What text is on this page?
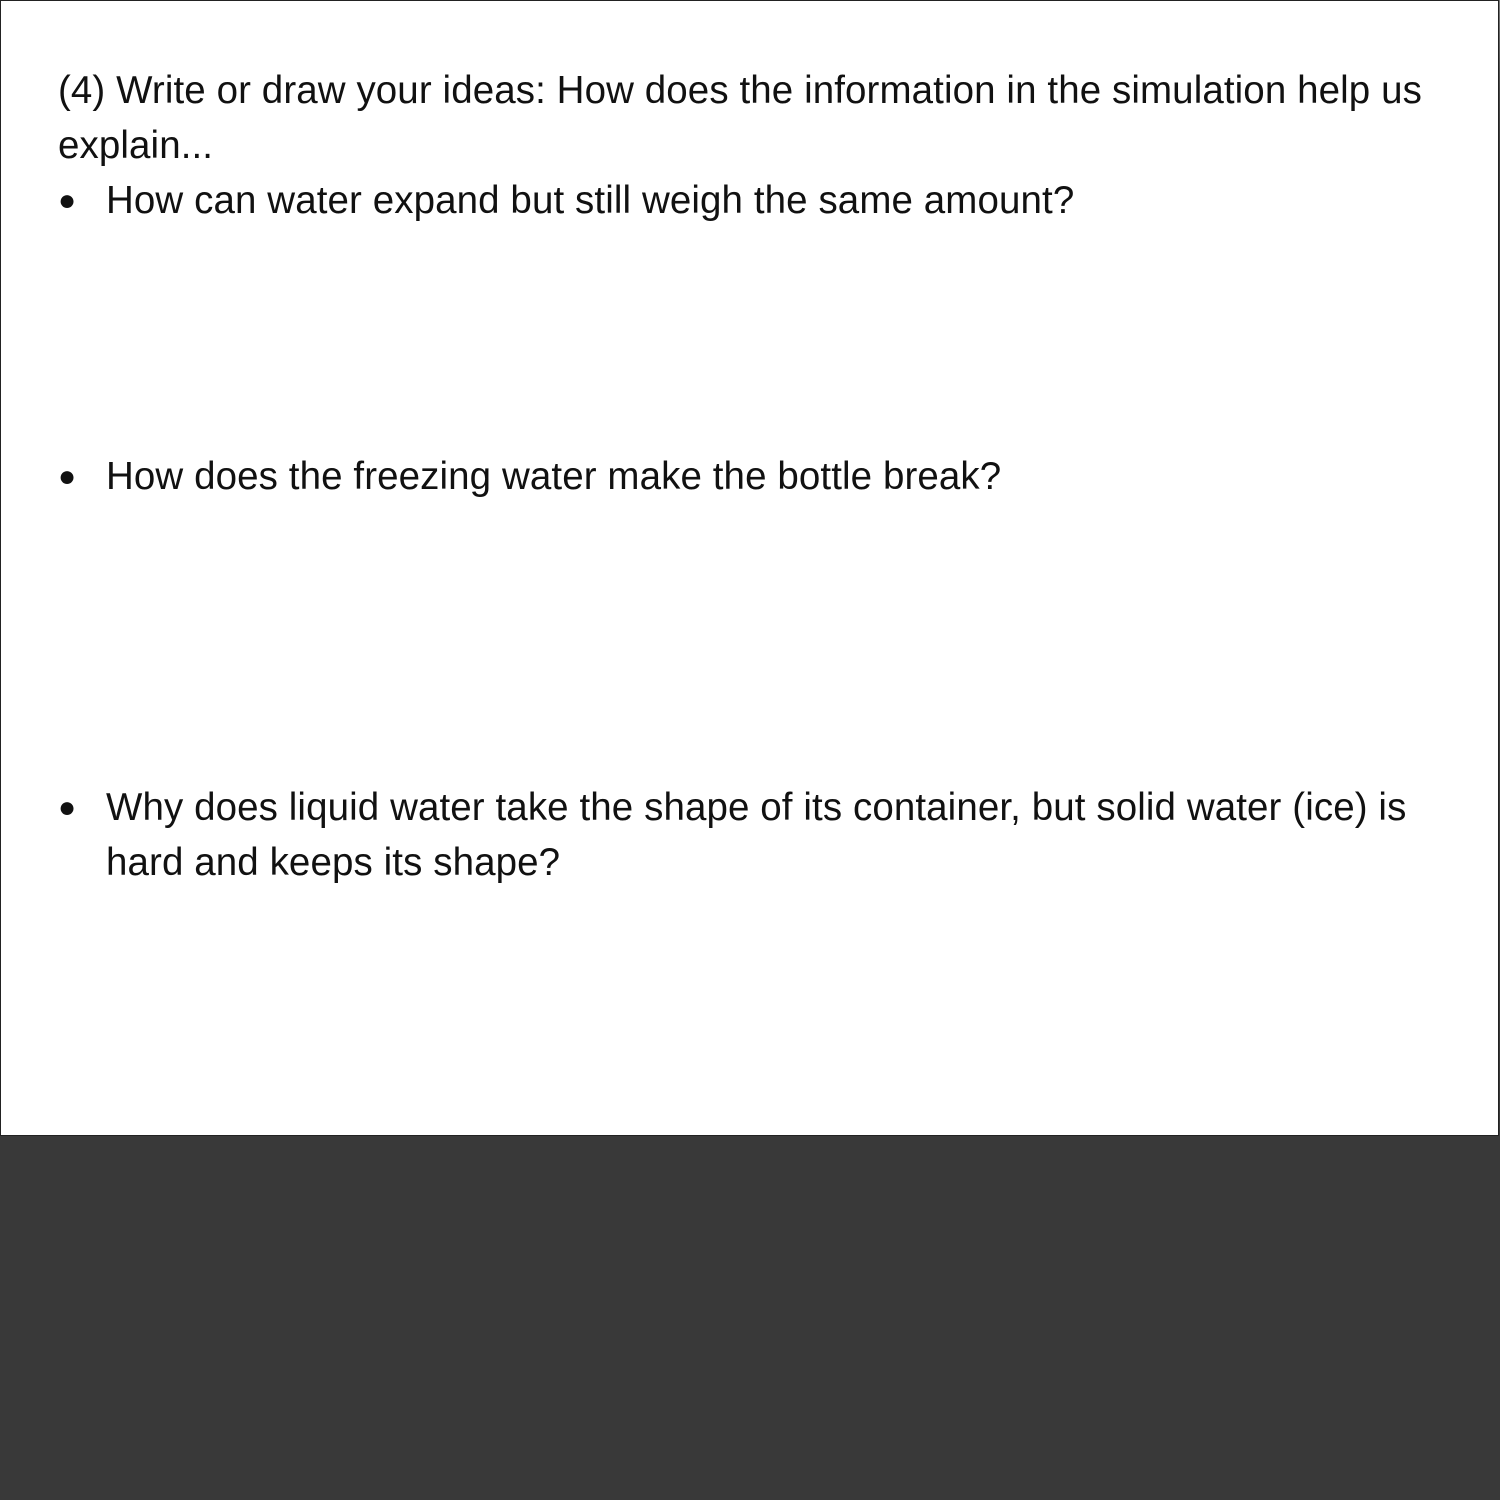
(4) Write or draw your ideas: How does the information in the simulation help us explain...
● How can water expand but still weigh the same amount?
● How does the freezing water make the bottle break?
● Why does liquid water take the shape of its container, but solid water (ice) is hard and keeps its shape?
